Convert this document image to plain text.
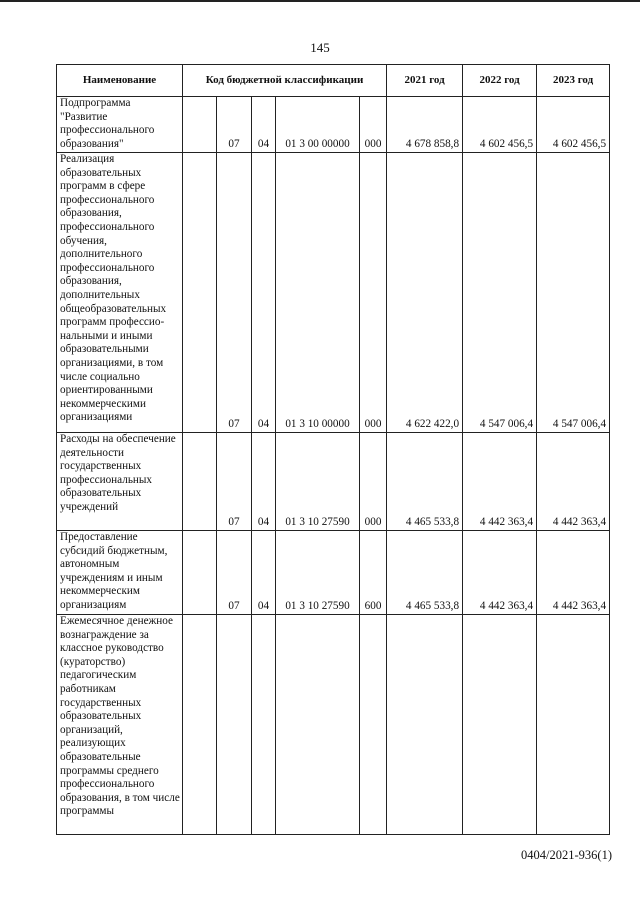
145
Наименование	Код бюджетной классификации					2021 год	2022 год	2023 год
Подпрограмма "Развитие профессионального образования"		07	04	01 3 00 00000	000	4 678 858,8	4 602 456,5	4 602 456,5
Реализация образовательных программ в сфере профессионального образования, профессионального обучения, дополнительного профессионального образования, дополнительных общеобразовательных программ профессио-нальными и иными образовательными организациями, в том числе социально ориентированными некоммерческими организациями		07	04	01 3 10 00000	000	4 622 422,0	4 547 006,4	4 547 006,4
Расходы на обеспечение деятельности государственных профессиональных образовательных учреждений		07	04	01 3 10 27590	000	4 465 533,8	4 442 363,4	4 442 363,4
Предоставление субсидий бюджетным, автономным учреждениям и иным некоммерческим организациям		07	04	01 3 10 27590	600	4 465 533,8	4 442 363,4	4 442 363,4
Ежемесячное денежное вознаграждение за классное руководство (кураторство) педагогическим работникам государственных образовательных организаций, реализующих образовательные программы среднего профессионального образования, в том числе программы								
0404/2021-936(1)
